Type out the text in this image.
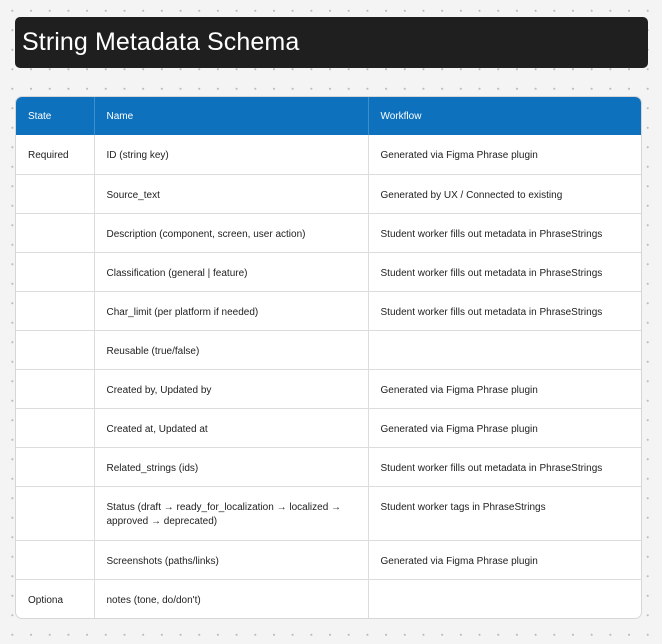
String Metadata Schema
State	Name	Workflow
Required	ID (string key)	Generated via Figma Phrase plugin
	Source_text	Generated by UX / Connected to existing
	Description (component, screen, user action)	Student worker fills out metadata in PhraseStrings
	Classification (general | feature)	Student worker fills out metadata in PhraseStrings
	Char_limit (per platform if needed)	Student worker fills out metadata in PhraseStrings
	Reusable (true/false)	
	Created by, Updated by	Generated via Figma Phrase plugin
	Created at, Updated at	Generated via Figma Phrase plugin
	Related_strings (ids)	Student worker fills out metadata in PhraseStrings
	Status (draft → ready_for_localization → localized → approved → deprecated)	Student worker tags in PhraseStrings
	Screenshots (paths/links)	Generated via Figma Phrase plugin
Optiona	notes (tone, do/don't)	
